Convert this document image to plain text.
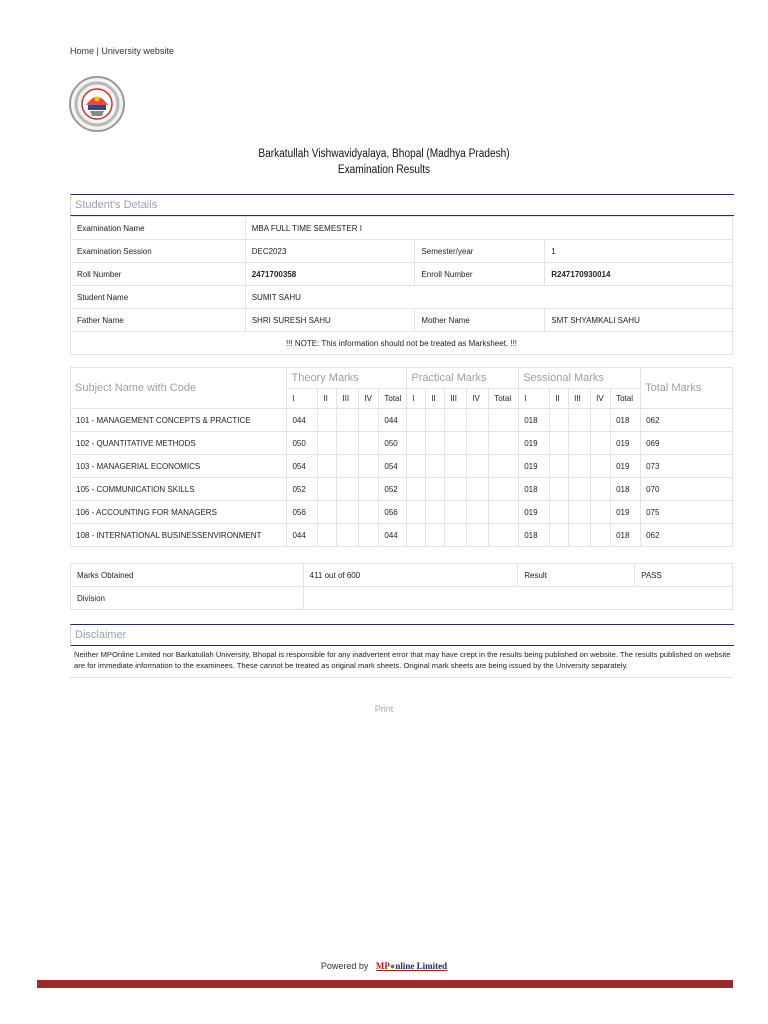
Home | University website
Barkatullah Vishwavidyalaya, Bhopal (Madhya Pradesh)
Examination Results
Student's Details
Examination Name	MBA FULL TIME SEMESTER I		
Examination Session	DEC2023	Semester/year	1
Roll Number	2471700358	Enroll Number	R247170930014
Student Name	SUMIT SAHU		
Father Name	SHRI SURESH SAHU	Mother Name	SMT SHYAMKALI SAHU
!!! NOTE: This information should not be treated as Marksheet. !!!			
Subject Name with Code	Theory Marks					Practical Marks					Sessional Marks					Total Marks
	I	II	III	IV	Total	I	II	III	IV	Total	I	II	III	IV	Total	
101 - MANAGEMENT CONCEPTS & PRACTICE	044				044						018				018	062
102 - QUANTITATIVE METHODS	050				050						019				019	069
103 - MANAGERIAL ECONOMICS	054				054						019				019	073
105 - COMMUNICATION SKILLS	052				052						018				018	070
106 - ACCOUNTING FOR MANAGERS	056				056						019				019	075
108 - INTERNATIONAL BUSINESSENVIRONMENT	044				044						018				018	062
Marks Obtained	411 out of 600	Result	PASS
Division			
Disclaimer
Neither MPOnline Limited nor Barkatullah University, Bhopal is responsible for any inadvertent error that may have crept in the results being published on website. The results published on website are for immediate information to the examinees. These cannot be treated as original mark sheets. Original mark sheets are being issued by the University separately.
Print
Powered by MP●nline Limited
